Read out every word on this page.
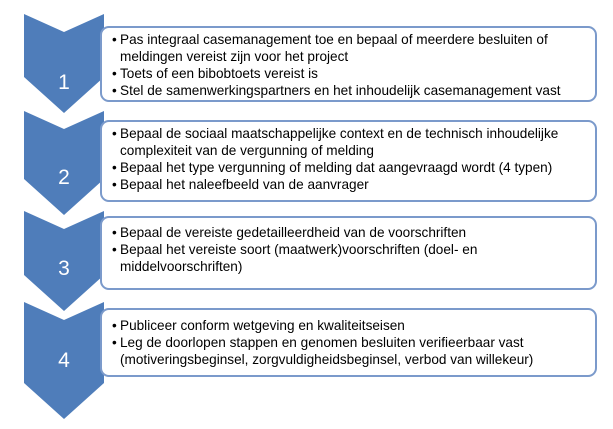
1
• Pas integraal casemanagement toe en bepaal of meerdere besluiten of meldingen vereist zijn voor het project
• Toets of een bibobtoets vereist is
• Stel de samenwerkingspartners en het inhoudelijk casemanagement vast
2
• Bepaal de sociaal maatschappelijke context en de technisch inhoudelijke complexiteit van de vergunning of melding
• Bepaal het type vergunning of melding dat aangevraagd wordt (4 typen)
• Bepaal het naleefbeeld van de aanvrager
3
• Bepaal de vereiste gedetailleerdheid van de voorschriften
• Bepaal het vereiste soort (maatwerk)voorschriften (doel- en middelvoorschriften)
4
• Publiceer conform wetgeving en kwaliteitseisen
• Leg de doorlopen stappen en genomen besluiten verifieerbaar vast (motiveringsbeginsel, zorgvuldigheidsbeginsel, verbod van willekeur)
